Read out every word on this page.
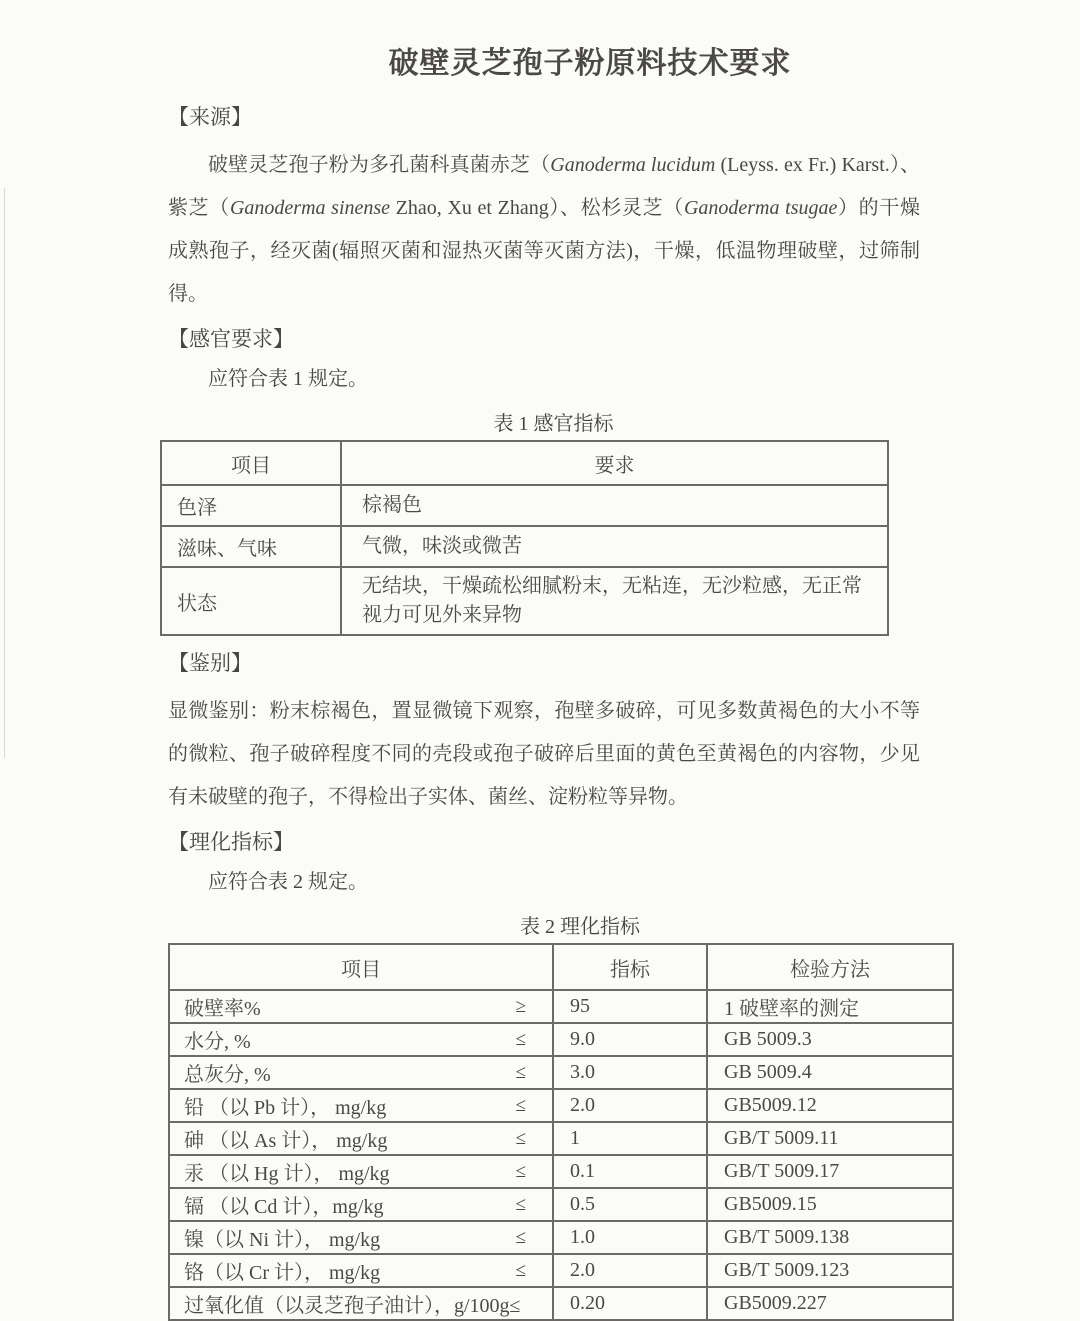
破壁灵芝孢子粉原料技术要求
【来源】

破壁灵芝孢子粉为多孔菌科真菌赤芝（Ganoderma lucidum (Leyss. ex Fr.) Karst.）、紫芝（Ganoderma sinense Zhao, Xu et Zhang）、松杉灵芝（Ganoderma tsugae）的干燥成熟孢子，经灭菌(辐照灭菌和湿热灭菌等灭菌方法)，干燥，低温物理破壁，过筛制得。

【感官要求】

应符合表 1 规定。

表 1 感官指标
项目	要求
色泽	棕褐色
滋味、气味	气微，味淡或微苦
状态	无结块，干燥疏松细腻粉末，无粘连，无沙粒感，无正常视力可见外来异物
【鉴别】

显微鉴别：粉末棕褐色，置显微镜下观察，孢壁多破碎，可见多数黄褐色的大小不等的微粒、孢子破碎程度不同的壳段或孢子破碎后里面的黄色至黄褐色的内容物，少见有未破壁的孢子，不得检出子实体、菌丝、淀粉粒等异物。

【理化指标】

应符合表 2 规定。

表 2 理化指标
项目	指标	检验方法

破壁率% ≥	95	1 破壁率的测定

水分, % ≤	9.0	GB 5009.3

总灰分, % ≤	3.0	GB 5009.4

铅 （以 Pb 计）， mg/kg ≤	2.0	GB5009.12

砷 （以 As 计）， mg/kg ≤	1	GB/T 5009.11

汞 （以 Hg 计）， mg/kg ≤	0.1	GB/T 5009.17

镉 （以 Cd 计），mg/kg ≤	0.5	GB5009.15

镍（以 Ni 计）， mg/kg ≤	1.0	GB/T 5009.138

铬（以 Cr 计）， mg/kg ≤	2.0	GB/T 5009.123

过氧化值（以灵芝孢子油计），g/100g≤	0.20	GB5009.227
